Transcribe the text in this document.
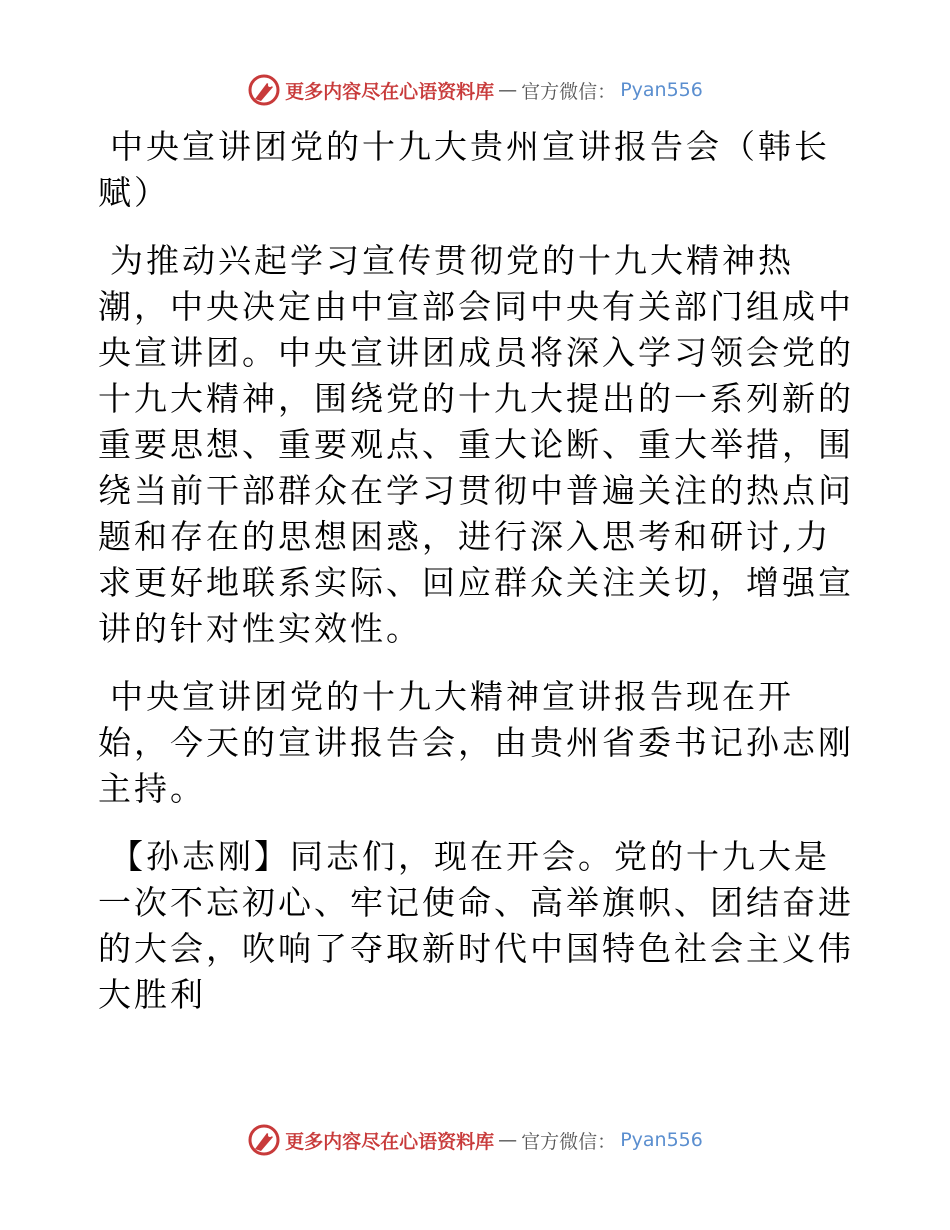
更多内容尽在心语资料库 — 官方微信： Pyan556

中央宣讲团党的十九大贵州宣讲报告会（韩长赋）

为推动兴起学习宣传贯彻党的十九大精神热潮，中央决定由中宣部会同中央有关部门组成中央宣讲团。中央宣讲团成员将深入学习领会党的十九大精神，围绕党的十九大提出的一系列新的重要思想、重要观点、重大论断、重大举措，围绕当前干部群众在学习贯彻中普遍关注的热点问题和存在的思想困惑，进行深入思考和研讨,力求更好地联系实际、回应群众关注关切，增强宣讲的针对性实效性。

中央宣讲团党的十九大精神宣讲报告现在开始，今天的宣讲报告会，由贵州省委书记孙志刚主持。

【孙志刚】同志们，现在开会。党的十九大是一次不忘初心、牢记使命、高举旗帜、团结奋进的大会，吹响了夺取新时代中国特色社会主义伟大胜利

更多内容尽在心语资料库 — 官方微信： Pyan556
